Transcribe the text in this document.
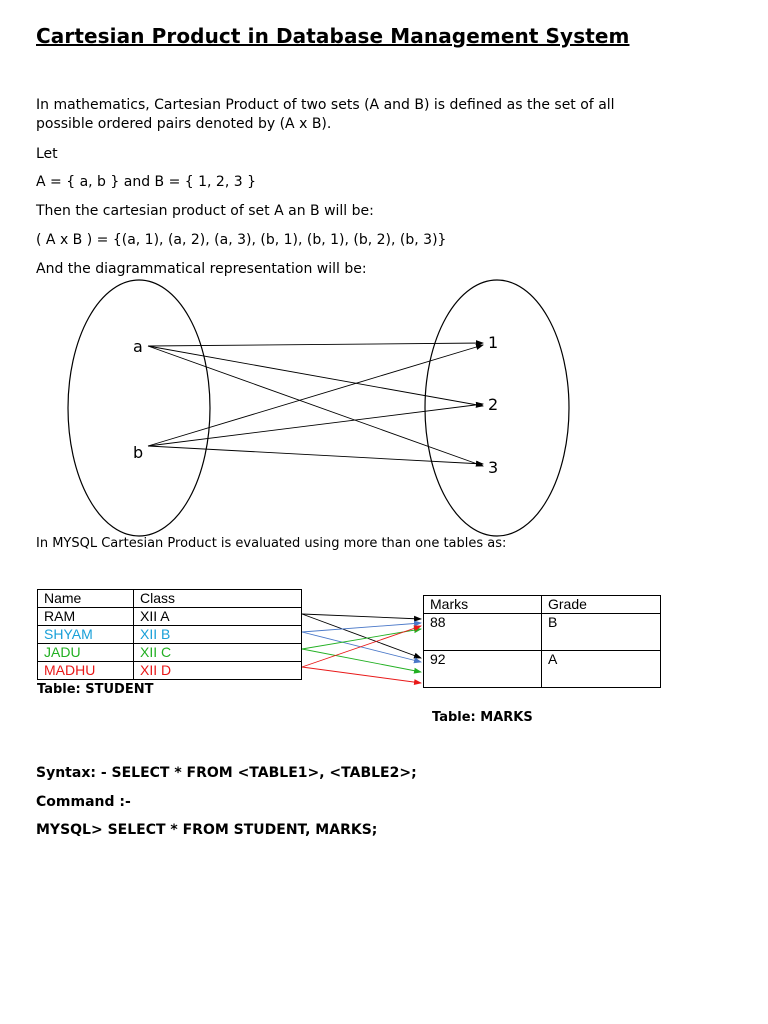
Cartesian Product in Database Management System
In mathematics, Cartesian Product of two sets (A and B) is defined as the set of all
possible ordered pairs denoted by (A x B).
Let
A = { a, b } and B = { 1, 2, 3 }
Then the cartesian product of set A an B will be:
( A x B ) = {(a, 1), (a, 2), (a, 3), (b, 1), (b, 1), (b, 2), (b, 3)}
And the diagrammatical representation will be:
a
b
1
2
3
In MYSQL Cartesian Product is evaluated using more than one tables as:
Name	Class
RAM	XII A
SHYAM	XII B
JADU	XII C
MADHU	XII D
Table: STUDENT
Marks	Grade
88	B
92	A
Table: MARKS
Syntax: - SELECT * FROM <TABLE1>, <TABLE2>;
Command :-
MYSQL> SELECT * FROM STUDENT, MARKS;
